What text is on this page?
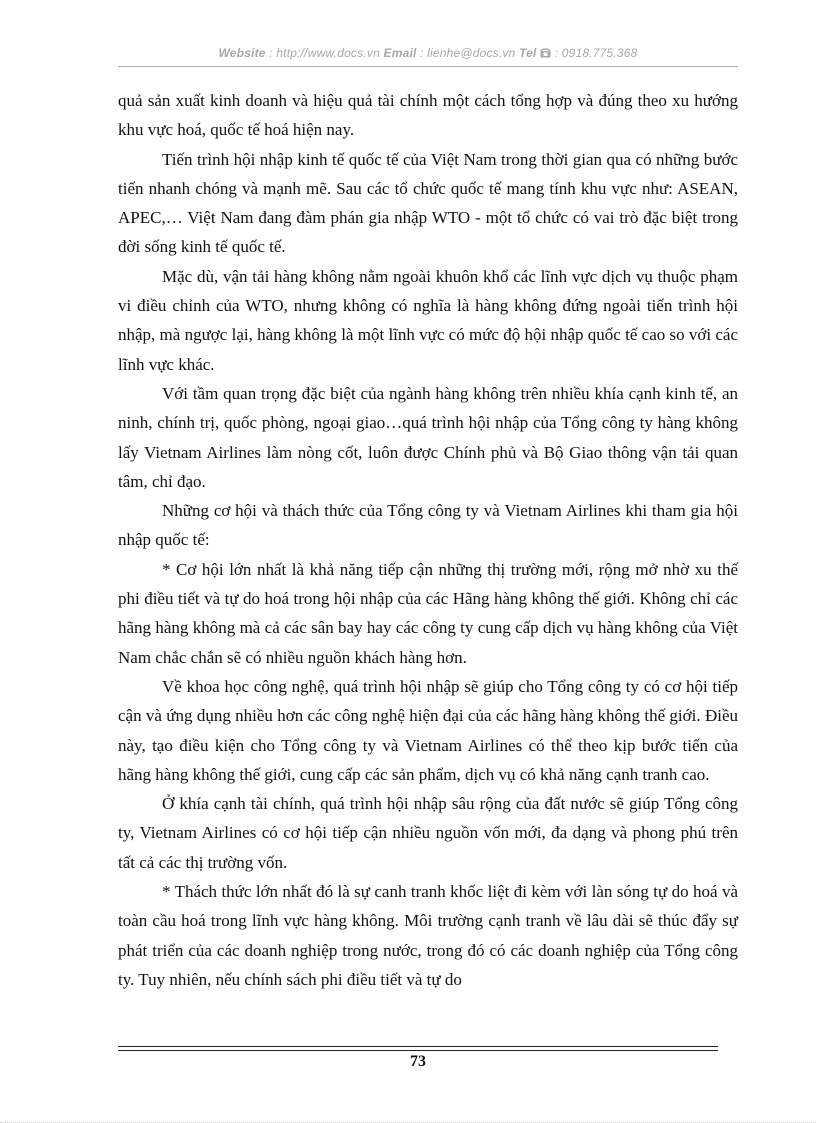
Website : http://www.docs.vn Email : lienhe@docs.vn Tel : 0918.775.368

quả sản xuất kinh doanh và hiệu quả tài chính một cách tổng hợp và đúng theo xu hướng khu vực hoá, quốc tế hoá hiện nay.

Tiến trình hội nhập kinh tế quốc tế của Việt Nam trong thời gian qua có những bước tiến nhanh chóng và mạnh mẽ. Sau các tổ chức quốc tế mang tính khu vực như: ASEAN, APEC,… Việt Nam đang đàm phán gia nhập WTO - một tổ chức có vai trò đặc biệt trong đời sống kinh tế quốc tế.

Mặc dù, vận tải hàng không nằm ngoài khuôn khổ các lĩnh vực dịch vụ thuộc phạm vi điều chỉnh của WTO, nhưng không có nghĩa là hàng không đứng ngoài tiến trình hội nhập, mà ngược lại, hàng không là một lĩnh vực có mức độ hội nhập quốc tế cao so với các lĩnh vực khác.

Với tầm quan trọng đặc biệt của ngành hàng không trên nhiều khía cạnh kinh tế, an ninh, chính trị, quốc phòng, ngoại giao…quá trình hội nhập của Tổng công ty hàng không lấy Vietnam Airlines làm nòng cốt, luôn được Chính phủ và Bộ Giao thông vận tải quan tâm, chỉ đạo.

Những cơ hội và thách thức của Tổng công ty và Vietnam Airlines khi tham gia hội nhập quốc tế:

* Cơ hội lớn nhất là khả năng tiếp cận những thị trường mới, rộng mở nhờ xu thế phi điều tiết và tự do hoá trong hội nhập của các Hãng hàng không thế giới. Không chỉ các hãng hàng không mà cả các sân bay hay các công ty cung cấp dịch vụ hàng không của Việt Nam chắc chắn sẽ có nhiều nguồn khách hàng hơn.

Về khoa học công nghệ, quá trình hội nhập sẽ giúp cho Tổng công ty có cơ hội tiếp cận và ứng dụng nhiều hơn các công nghệ hiện đại của các hãng hàng không thế giới. Điều này, tạo điều kiện cho Tổng công ty và Vietnam Airlines có thể theo kịp bước tiến của hãng hàng không thế giới, cung cấp các sản phẩm, dịch vụ có khả năng cạnh tranh cao.

Ở khía cạnh tài chính, quá trình hội nhập sâu rộng của đất nước sẽ giúp Tổng công ty, Vietnam Airlines có cơ hội tiếp cận nhiều nguồn vốn mới, đa dạng và phong phú trên tất cả các thị trường vốn.

* Thách thức lớn nhất đó là sự canh tranh khốc liệt đi kèm với làn sóng tự do hoá và toàn cầu hoá trong lĩnh vực hàng không. Môi trường cạnh tranh về lâu dài sẽ thúc đẩy sự phát triển của các doanh nghiệp trong nước, trong đó có các doanh nghiệp của Tổng công ty. Tuy nhiên, nếu chính sách phi điều tiết và tự do

73
